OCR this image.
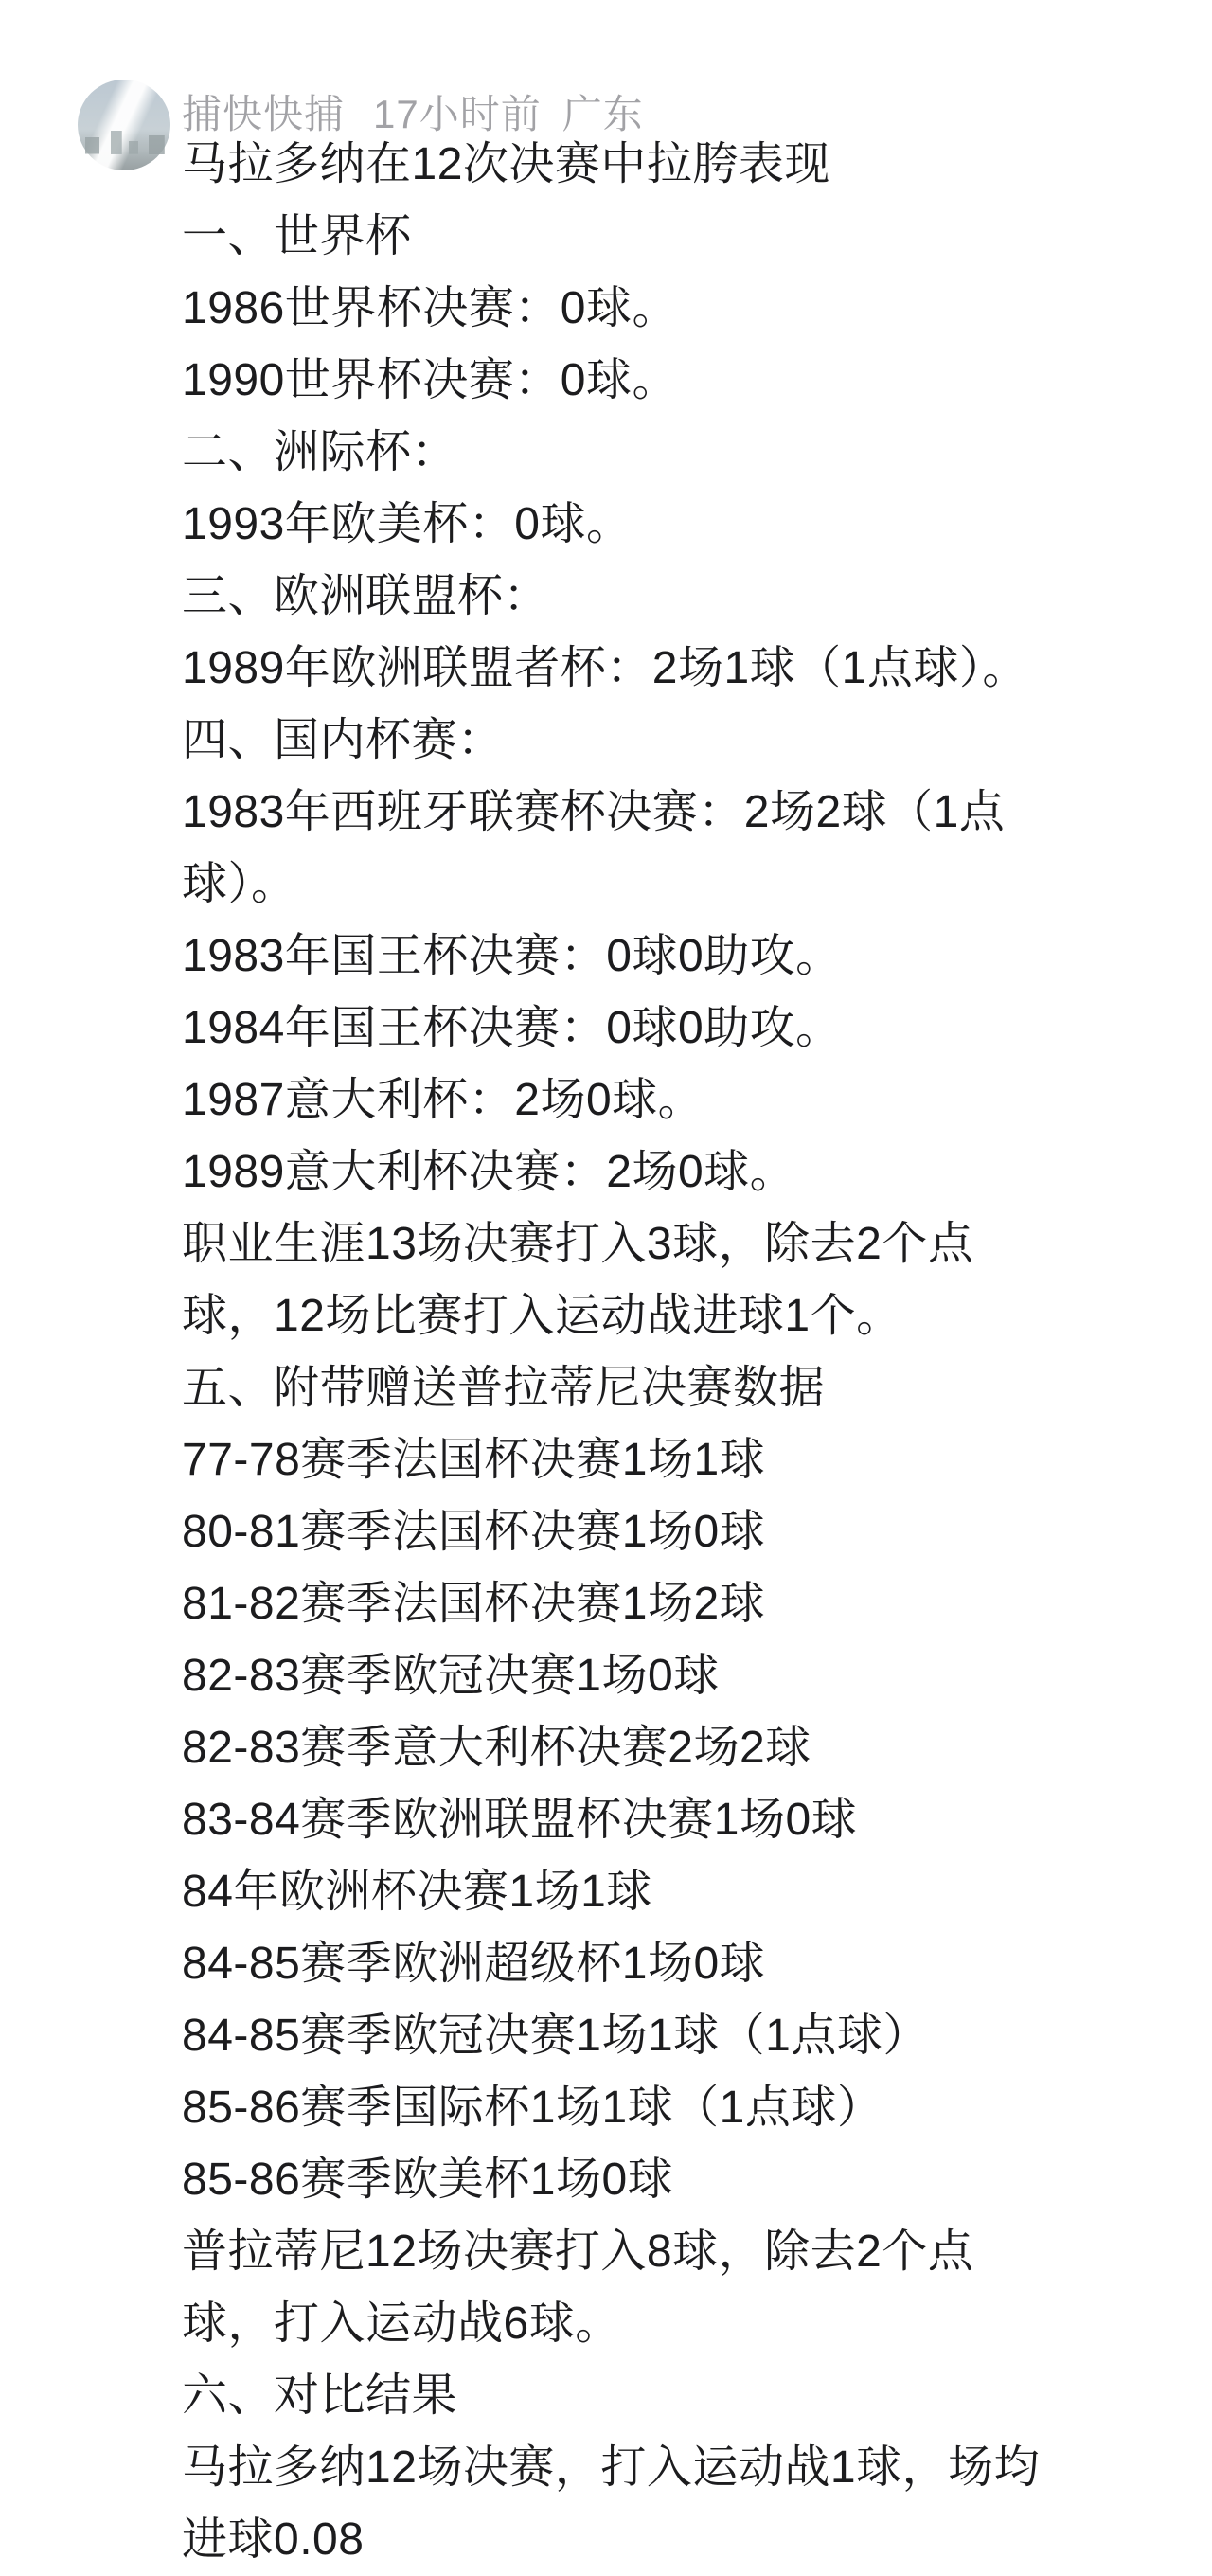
捕快快捕 17小时前 广东
马拉多纳在12次决赛中拉胯表现
一、世界杯
1986世界杯决赛：0球。
1990世界杯决赛：0球。
二、洲际杯：
1993年欧美杯：0球。
三、欧洲联盟杯：
1989年欧洲联盟者杯：2场1球（1点球）。
四、国内杯赛：
1983年西班牙联赛杯决赛：2场2球（1点
球）。
1983年国王杯决赛：0球0助攻。
1984年国王杯决赛：0球0助攻。
1987意大利杯：2场0球。
1989意大利杯决赛：2场0球。
职业生涯13场决赛打入3球，除去2个点
球，12场比赛打入运动战进球1个。
五、附带赠送普拉蒂尼决赛数据
77-78赛季法国杯决赛1场1球
80-81赛季法国杯决赛1场0球
81-82赛季法国杯决赛1场2球
82-83赛季欧冠决赛1场0球
82-83赛季意大利杯决赛2场2球
83-84赛季欧洲联盟杯决赛1场0球
84年欧洲杯决赛1场1球
84-85赛季欧洲超级杯1场0球
84-85赛季欧冠决赛1场1球（1点球）
85-86赛季国际杯1场1球（1点球）
85-86赛季欧美杯1场0球
普拉蒂尼12场决赛打入8球，除去2个点
球，打入运动战6球。
六、对比结果
马拉多纳12场决赛，打入运动战1球，场均
进球0.08
